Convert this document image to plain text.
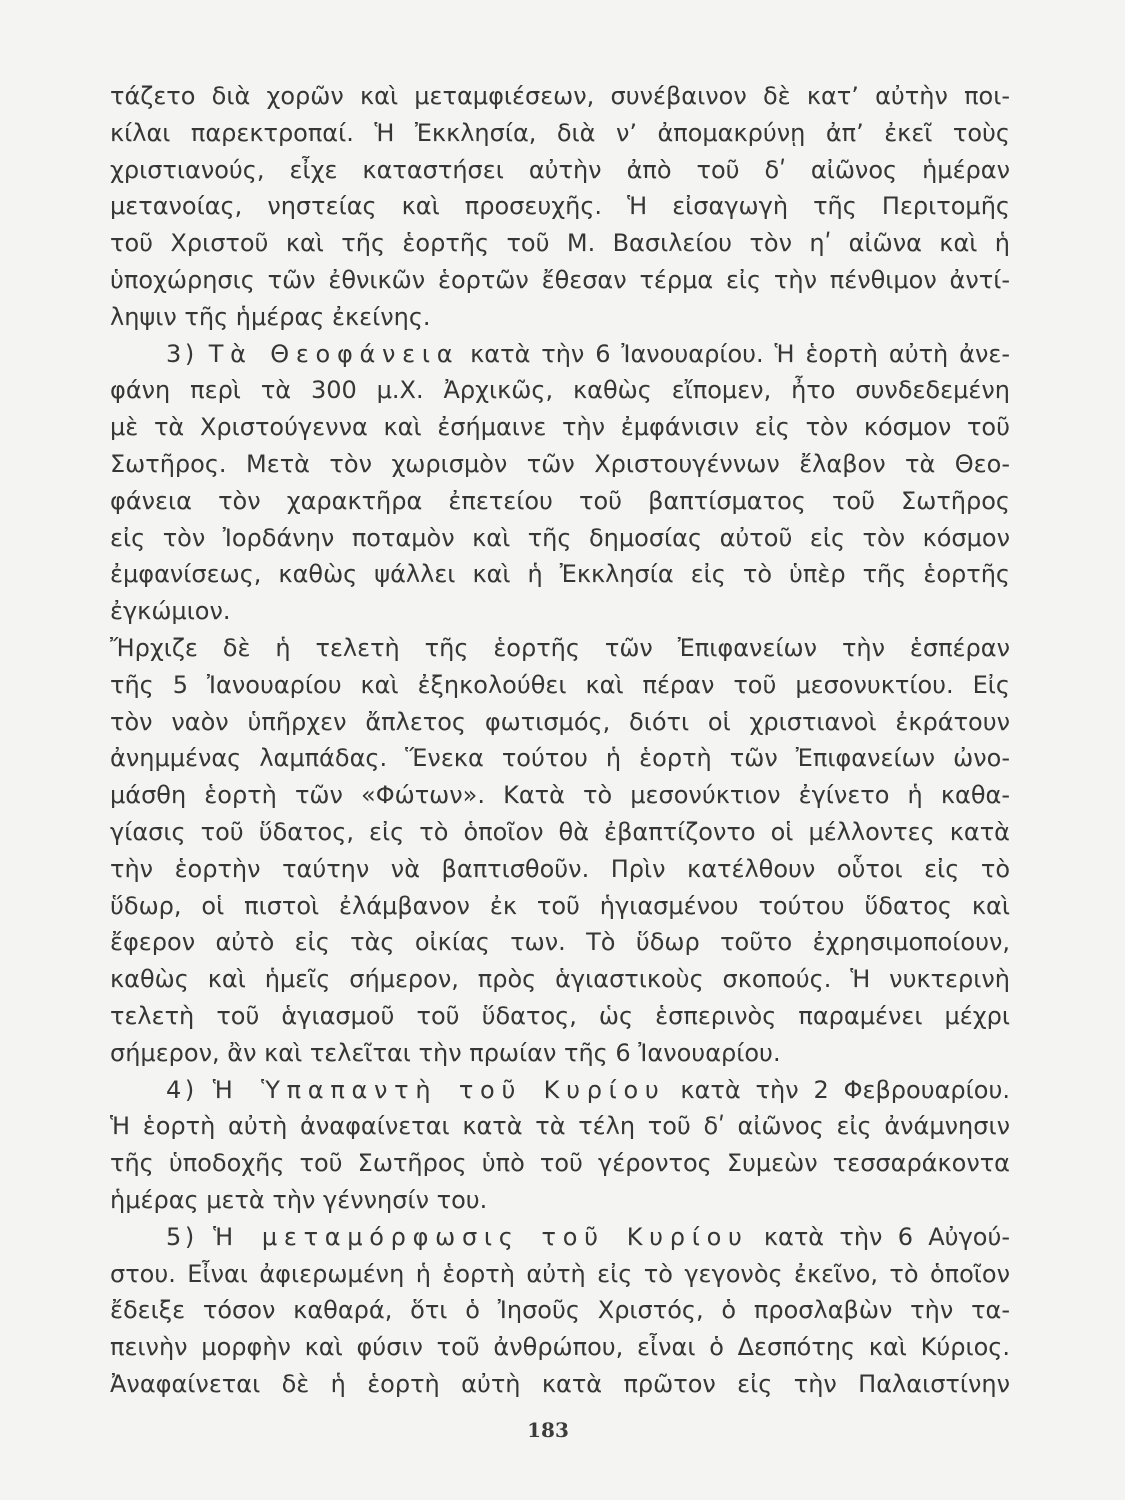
τάζετο διὰ χορῶν καὶ μεταμφιέσεων, συνέβαινον δὲ κατ’ αὐτὴν ποι-
κίλαι παρεκτροπαί. Ἡ Ἐκκλησία, διὰ ν’ ἀπομακρύνῃ ἀπ’ ἐκεῖ τοὺς
χριστιανούς, εἶχε καταστήσει αὐτὴν ἀπὸ τοῦ δʹ αἰῶνος ἡμέραν
μετανοίας, νηστείας καὶ προσευχῆς. Ἡ εἰσαγωγὴ τῆς Περιτομῆς
τοῦ Χριστοῦ καὶ τῆς ἑορτῆς τοῦ Μ. Βασιλείου τὸν ηʹ αἰῶνα καὶ ἡ
ὑποχώρησις τῶν ἐθνικῶν ἑορτῶν ἔθεσαν τέρμα εἰς τὴν πένθιμον ἀντί-
ληψιν τῆς ἡμέρας ἐκείνης.
3) Τὰ Θεοφάνεια κατὰ τὴν 6 Ἰανουαρίου. Ἡ ἑορτὴ αὐτὴ ἀνε-
φάνη περὶ τὰ 300 μ.Χ. Ἀρχικῶς, καθὼς εἴπομεν, ἦτο συνδεδεμένη
μὲ τὰ Χριστούγεννα καὶ ἐσήμαινε τὴν ἐμφάνισιν εἰς τὸν κόσμον τοῦ
Σωτῆρος. Μετὰ τὸν χωρισμὸν τῶν Χριστουγέννων ἔλαβον τὰ Θεο-
φάνεια τὸν χαρακτῆρα ἐπετείου τοῦ βαπτίσματος τοῦ Σωτῆρος
εἰς τὸν Ἰορδάνην ποταμὸν καὶ τῆς δημοσίας αὐτοῦ εἰς τὸν κόσμον
ἐμφανίσεως, καθὼς ψάλλει καὶ ἡ Ἐκκλησία εἰς τὸ ὑπὲρ τῆς ἑορτῆς
ἐγκώμιον.
Ἤρχιζε δὲ ἡ τελετὴ τῆς ἑορτῆς τῶν Ἐπιφανείων τὴν ἑσπέραν
τῆς 5 Ἰανουαρίου καὶ ἐξηκολούθει καὶ πέραν τοῦ μεσονυκτίου. Εἰς
τὸν ναὸν ὑπῆρχεν ἄπλετος φωτισμός, διότι οἱ χριστιανοὶ ἐκράτουν
ἀνημμένας λαμπάδας. Ἕνεκα τούτου ἡ ἑορτὴ τῶν Ἐπιφανείων ὠνο-
μάσθη ἑορτὴ τῶν «Φώτων». Κατὰ τὸ μεσονύκτιον ἐγίνετο ἡ καθα-
γίασις τοῦ ὕδατος, εἰς τὸ ὁποῖον θὰ ἐβαπτίζοντο οἱ μέλλοντες κατὰ
τὴν ἑορτὴν ταύτην νὰ βαπτισθοῦν. Πρὶν κατέλθουν οὗτοι εἰς τὸ
ὕδωρ, οἱ πιστοὶ ἐλάμβανον ἐκ τοῦ ἡγιασμένου τούτου ὕδατος καὶ
ἔφερον αὐτὸ εἰς τὰς οἰκίας των. Τὸ ὕδωρ τοῦτο ἐχρησιμοποίουν,
καθὼς καὶ ἡμεῖς σήμερον, πρὸς ἁγιαστικοὺς σκοπούς. Ἡ νυκτερινὴ
τελετὴ τοῦ ἁγιασμοῦ τοῦ ὕδατος, ὡς ἑσπερινὸς παραμένει μέχρι
σήμερον, ἂν καὶ τελεῖται τὴν πρωίαν τῆς 6 Ἰανουαρίου.
4) Ἡ Ὑπαπαντὴ τοῦ Κυρίου κατὰ τὴν 2 Φεβρουαρίου.
Ἡ ἑορτὴ αὐτὴ ἀναφαίνεται κατὰ τὰ τέλη τοῦ δʹ αἰῶνος εἰς ἀνάμνησιν
τῆς ὑποδοχῆς τοῦ Σωτῆρος ὑπὸ τοῦ γέροντος Συμεὼν τεσσαράκοντα
ἡμέρας μετὰ τὴν γέννησίν του.
5) Ἡ μεταμόρφωσις τοῦ Κυρίου κατὰ τὴν 6 Αὐγού-
στου. Εἶναι ἀφιερωμένη ἡ ἑορτὴ αὐτὴ εἰς τὸ γεγονὸς ἐκεῖνο, τὸ ὁποῖον
ἔδειξε τόσον καθαρά, ὅτι ὁ Ἰησοῦς Χριστός, ὁ προσλαβὼν τὴν τα-
πεινὴν μορφὴν καὶ φύσιν τοῦ ἀνθρώπου, εἶναι ὁ Δεσπότης καὶ Κύριος.
Ἀναφαίνεται δὲ ἡ ἑορτὴ αὐτὴ κατὰ πρῶτον εἰς τὴν Παλαιστίνην
183
